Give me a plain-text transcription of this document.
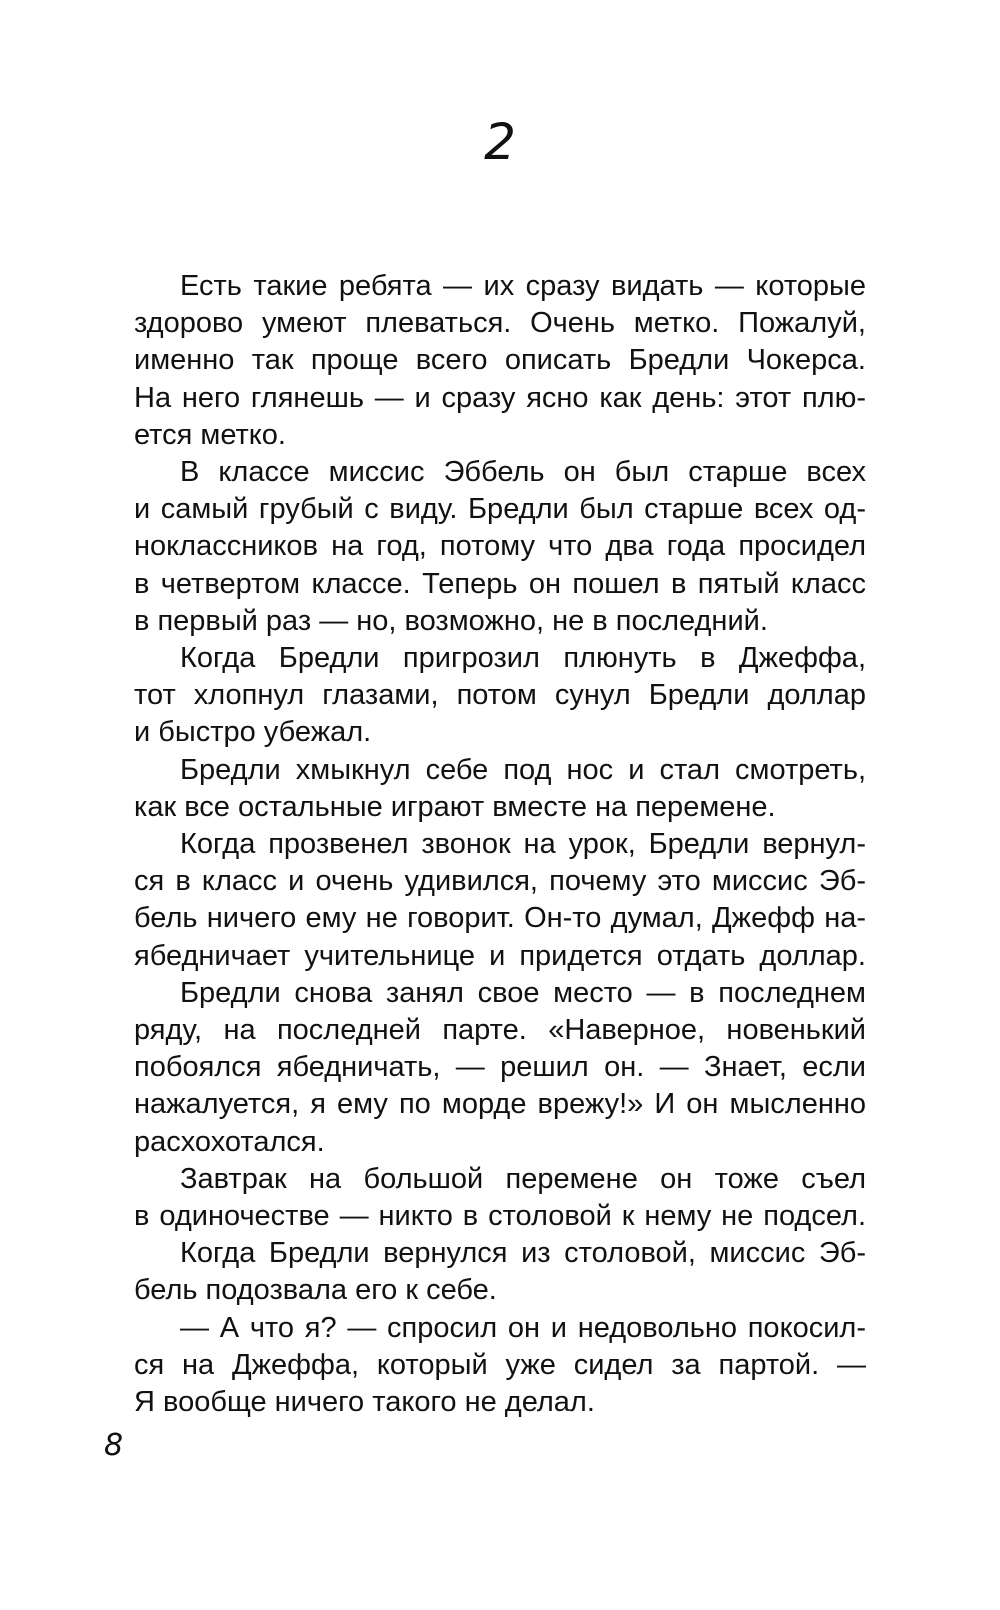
2
Есть такие ребята — их сразу видать — которые
здорово умеют плеваться. Очень метко. Пожалуй,
именно так проще всего описать Бредли Чокерса.
На него глянешь — и сразу ясно как день: этот плю-
ется метко.
В классе миссис Эббель он был старше всех
и самый грубый с виду. Бредли был старше всех од-
ноклассников на год, потому что два года просидел
в четвертом классе. Теперь он пошел в пятый класс
в первый раз — но, возможно, не в последний.
Когда Бредли пригрозил плюнуть в Джеффа,
тот хлопнул глазами, потом сунул Бредли доллар
и быстро убежал.
Бредли хмыкнул себе под нос и стал смотреть,
как все остальные играют вместе на перемене.
Когда прозвенел звонок на урок, Бредли вернул-
ся в класс и очень удивился, почему это миссис Эб-
бель ничего ему не говорит. Он-то думал, Джефф на-
ябедничает учительнице и придется отдать доллар.
Бредли снова занял свое место — в последнем
ряду, на последней парте. «Наверное, новенький
побоялся ябедничать, — решил он. — Знает, если
нажалуется, я ему по морде врежу!» И он мысленно
расхохотался.
Завтрак на большой перемене он тоже съел
в одиночестве — никто в столовой к нему не подсел.
Когда Бредли вернулся из столовой, миссис Эб-
бель подозвала его к себе.
— А что я? — спросил он и недовольно покосил-
ся на Джеффа, который уже сидел за партой. —
Я вообще ничего такого не делал.
8
